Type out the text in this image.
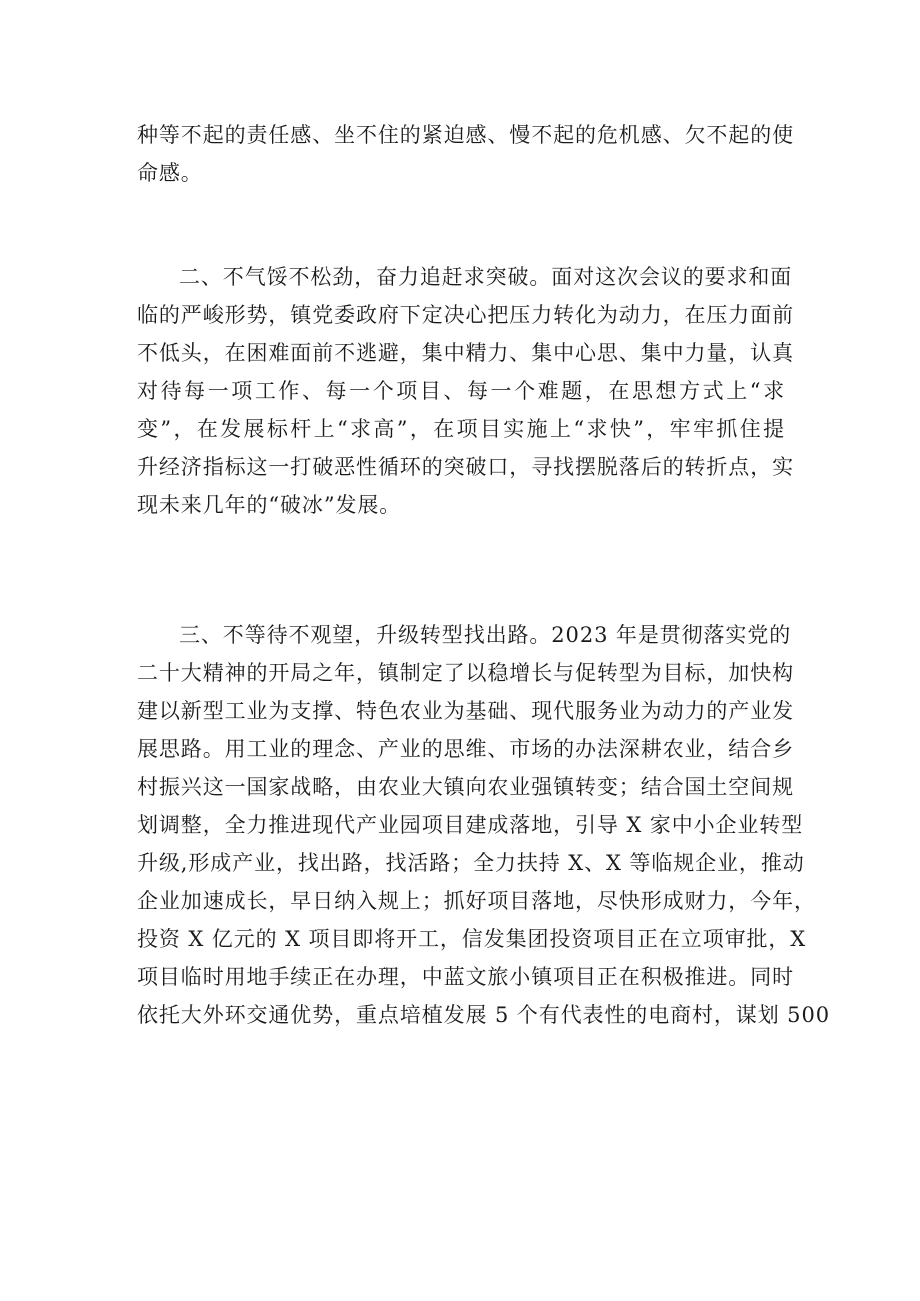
种等不起的责任感、坐不住的紧迫感、慢不起的危机感、欠不起的使
命感。
二、不气馁不松劲，奋力追赶求突破。面对这次会议的要求和面
临的严峻形势，镇党委政府下定决心把压力转化为动力，在压力面前
不低头，在困难面前不逃避，集中精力、集中心思、集中力量，认真
对待每一项工作、每一个项目、每一个难题，在思想方式上“求
变”，在发展标杆上“求高”，在项目实施上“求快”，牢牢抓住提
升经济指标这一打破恶性循环的突破口，寻找摆脱落后的转折点，实
现未来几年的“破冰”发展。
三、不等待不观望，升级转型找出路。2023 年是贯彻落实党的
二十大精神的开局之年，镇制定了以稳增长与促转型为目标，加快构
建以新型工业为支撑、特色农业为基础、现代服务业为动力的产业发
展思路。用工业的理念、产业的思维、市场的办法深耕农业，结合乡
村振兴这一国家战略，由农业大镇向农业强镇转变；结合国土空间规
划调整，全力推进现代产业园项目建成落地，引导 X 家中小企业转型
升级,形成产业，找出路，找活路；全力扶持 X、X 等临规企业，推动
企业加速成长，早日纳入规上；抓好项目落地，尽快形成财力，今年，
投资 X 亿元的 X 项目即将开工，信发集团投资项目正在立项审批，X
项目临时用地手续正在办理，中蓝文旅小镇项目正在积极推进。同时
依托大外环交通优势，重点培植发展 5 个有代表性的电商村，谋划 500
